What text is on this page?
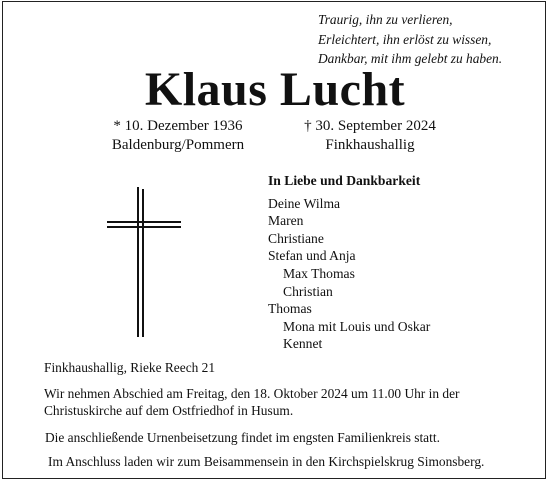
Traurig, ihn zu verlieren,
Erleichtert, ihn erlöst zu wissen,
Dankbar, mit ihm gelebt zu haben.
Klaus Lucht
* 10. Dezember 1936
Baldenburg/Pommern
† 30. September 2024
Finkhaushallig
In Liebe und Dankbarkeit
Deine Wilma
Maren
Christiane
Stefan und Anja
Max Thomas
Christian
Thomas
Mona mit Louis und Oskar
Kennet
Finkhaushallig, Rieke Reech 21
Wir nehmen Abschied am Freitag, den 18. Oktober 2024 um 11.00 Uhr in der
Christuskirche auf dem Ostfriedhof in Husum.
Die anschließende Urnenbeisetzung findet im engsten Familienkreis statt.
Im Anschluss laden wir zum Beisammensein in den Kirchspielskrug Simonsberg.
